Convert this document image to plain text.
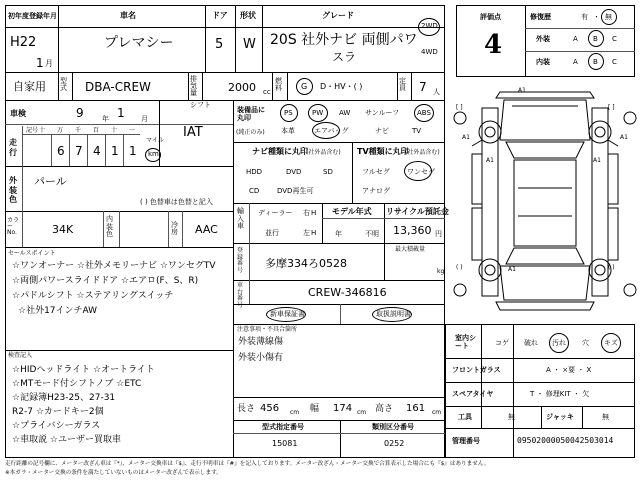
初年度登録年月	車名	ドア 形状	グレード
H22
1 月
プレマシー	5 W 20S 社外ナビ 両側パワ
スラ
2WD
4WD
自家用 型式 DBA-CREW
排気量	2000 cc
燃料	G D・HV・( )
定員 7 人
車検	9	年 1 月
シフト
IAT
走行
記号 十 万 千 百 十 一
6 7 4 1 1
マイル
km
外装色
パール
( ) 色替車は色替と記入
カラー No.	34K
内装色
冷房 AAC
セールスポイント
☆ワンオーナー ☆社外メモリーナビ ☆ワンセグTV
☆両側パワースライドドア ☆エアロ(F、S、R)
☆パドルシフト ☆ステアリングスイッチ
☆社外17インチAW
検査記入
☆HIDヘッドライト ☆オートライト
☆MTモード付シフトノブ ☆ETC
☆記録簿H23-25、27-31
R2-7 ☆カードキー2個
☆プライバシーガラス
☆車取説 ☆ユーザー買取車
装備品に丸印
(純正のみ)
PS	PW AW サンルーフ	ABS
本革	エアバッグ	ナビ	TV
ナビ種類に丸印
(社外品含む)
HDD	DVD	SD
CD	DVD再生可
TV種類に丸印
(社外品含む)
フルセグ ワンセグ
アナログ
輸入車
ディーラー 右 H
並行	左 H
モデル年式
年	不明
リサイクル預託金
13,360 円
登録番号
多摩334ろ0528
最大積載量
kg
車台番号
CREW-346816
新車保証書	取扱説明書
注意事項・不具合箇所
外装薄線傷
外装小傷有
長さ 456 cm 幅 174 cm 高さ 161 cm
型式指定番号
15081
類別区分番号
0252
評価点
4
修復歴	有 ・ 無
外装	A B C
内装	A B C
A1
A1	A1
A1	A1
A1
[ ]	[ ]
( )	( )
室内シート	コゲ 破れ 汚れ 穴 キズ
フロントガラス	A ・ ×要 ・ X
スペアタイヤ	T ・ 修理KIT ・ 欠
工具	無	ジャッキ	無
管理番号	09502000050042503014
走行距離の記号欄に、メーター改ざん車は『*』、メーター交換車は『$』、走行不明車は『#』を記入しております。メーター改ざん・メーター交換で合算表示した場合にも『$』はありません。
※本ガラ・メーター交換の条件を満たしていないものはメーター改ざんで表示します。
